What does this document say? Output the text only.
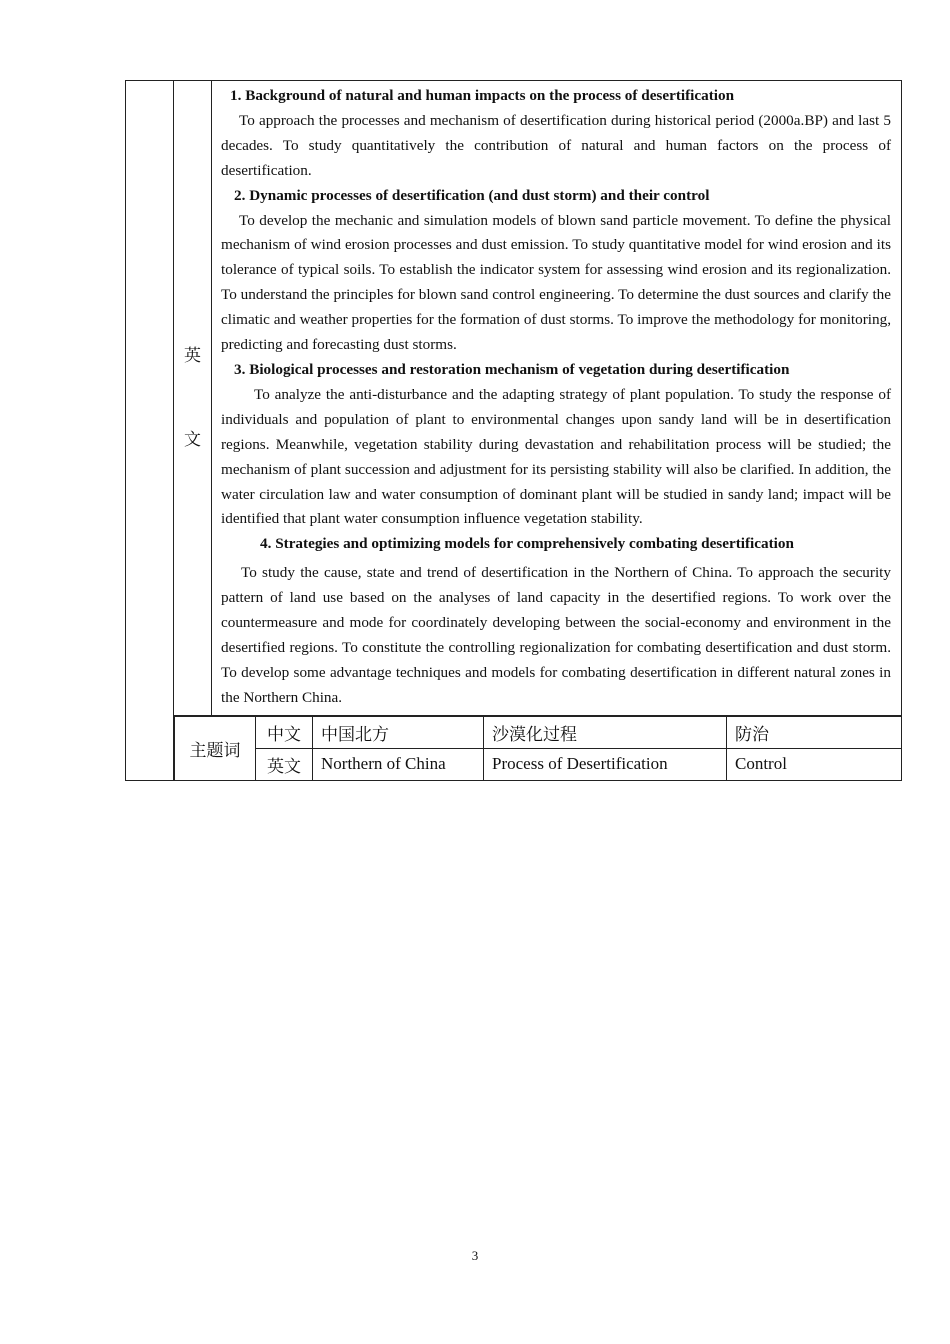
英
文

1. Background of natural and human impacts on the process of desertification

To approach the processes and mechanism of desertification during historical period (2000a.BP) and last 5 decades. To study quantitatively the contribution of natural and human factors on the process of desertification.

2. Dynamic processes of desertification (and dust storm) and their control

To develop the mechanic and simulation models of blown sand particle movement. To define the physical mechanism of wind erosion processes and dust emission. To study quantitative model for wind erosion and its tolerance of typical soils. To establish the indicator system for assessing wind erosion and its regionalization. To understand the principles for blown sand control engineering. To determine the dust sources and clarify the climatic and weather properties for the formation of dust storms. To improve the methodology for monitoring, predicting and forecasting dust storms.

3. Biological processes and restoration mechanism of vegetation during desertification

To analyze the anti-disturbance and the adapting strategy of plant population. To study the response of individuals and population of plant to environmental changes upon sandy land will be in desertification regions. Meanwhile, vegetation stability during devastation and rehabilitation process will be studied; the mechanism of plant succession and adjustment for its persisting stability will also be clarified. In addition, the water circulation law and water consumption of dominant plant will be studied in sandy land; impact will be identified that plant water consumption influence vegetation stability.

4. Strategies and optimizing models for comprehensively combating desertification

To study the cause, state and trend of desertification in the Northern of China. To approach the security pattern of land use based on the analyses of land capacity in the desertified regions. To work over the countermeasure and mode for coordinately developing between the social-economy and environment in the desertified regions. To constitute the controlling regionalization for combating desertification and dust storm. To develop some advantage techniques and models for combating desertification in different natural zones in the Northern China.

主题词	中文	中国北方	沙漠化过程	防治
英文	Northern of China	Process of Desertification	Control
3
